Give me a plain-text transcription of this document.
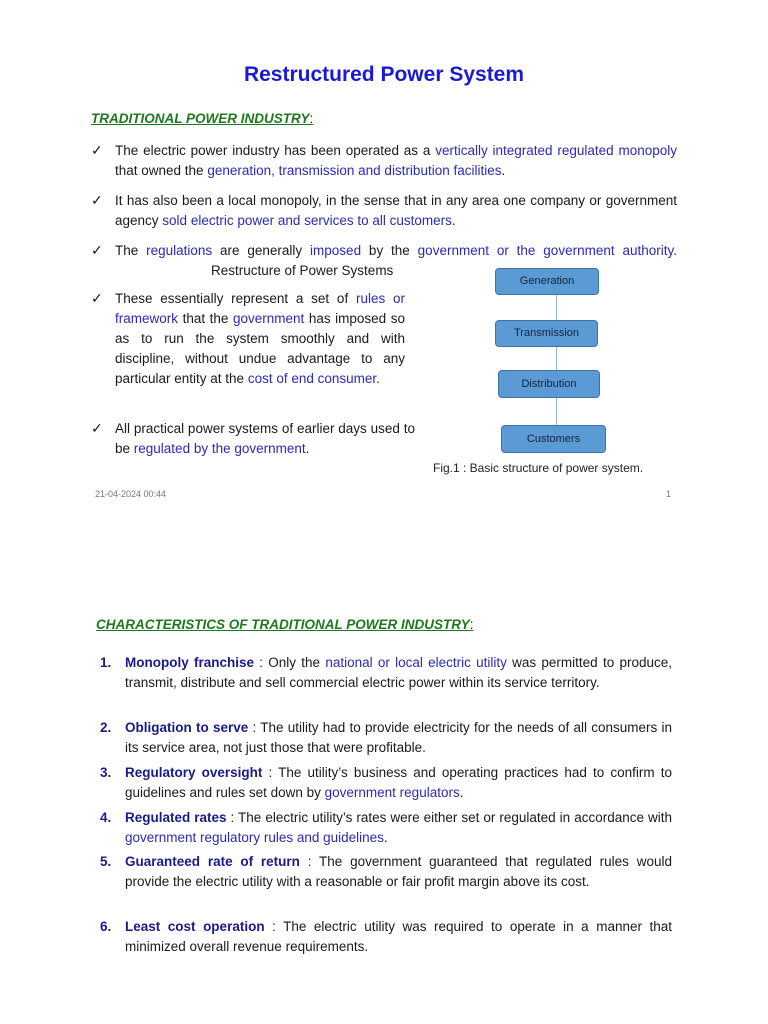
Restructured Power System
TRADITIONAL POWER INDUSTRY:
✓ The electric power industry has been operated as a vertically integrated regulated monopoly that owned the generation, transmission and distribution facilities.
✓ It has also been a local monopoly, in the sense that in any area one company or government agency sold electric power and services to all customers.
✓ The regulations are generally imposed by the government or the government authority. Restructure of Power Systems
✓ These essentially represent a set of rules or framework that the government has imposed so as to run the system smoothly and with discipline, without undue advantage to any particular entity at the cost of end consumer.
✓ All practical power systems of earlier days used to be regulated by the government.
Generation
Transmission
Distribution
Customers
Fig.1 : Basic structure of power system.
21-04-2024 00:44	1
CHARACTERISTICS OF TRADITIONAL POWER INDUSTRY:
1. Monopoly franchise : Only the national or local electric utility was permitted to produce, transmit, distribute and sell commercial electric power within its service territory.
2. Obligation to serve : The utility had to provide electricity for the needs of all consumers in its service area, not just those that were profitable.
3. Regulatory oversight : The utility’s business and operating practices had to confirm to guidelines and rules set down by government regulators.
4. Regulated rates : The electric utility’s rates were either set or regulated in accordance with government regulatory rules and guidelines.
5. Guaranteed rate of return : The government guaranteed that regulated rules would provide the electric utility with a reasonable or fair profit margin above its cost.
6. Least cost operation : The electric utility was required to operate in a manner that minimized overall revenue requirements.
